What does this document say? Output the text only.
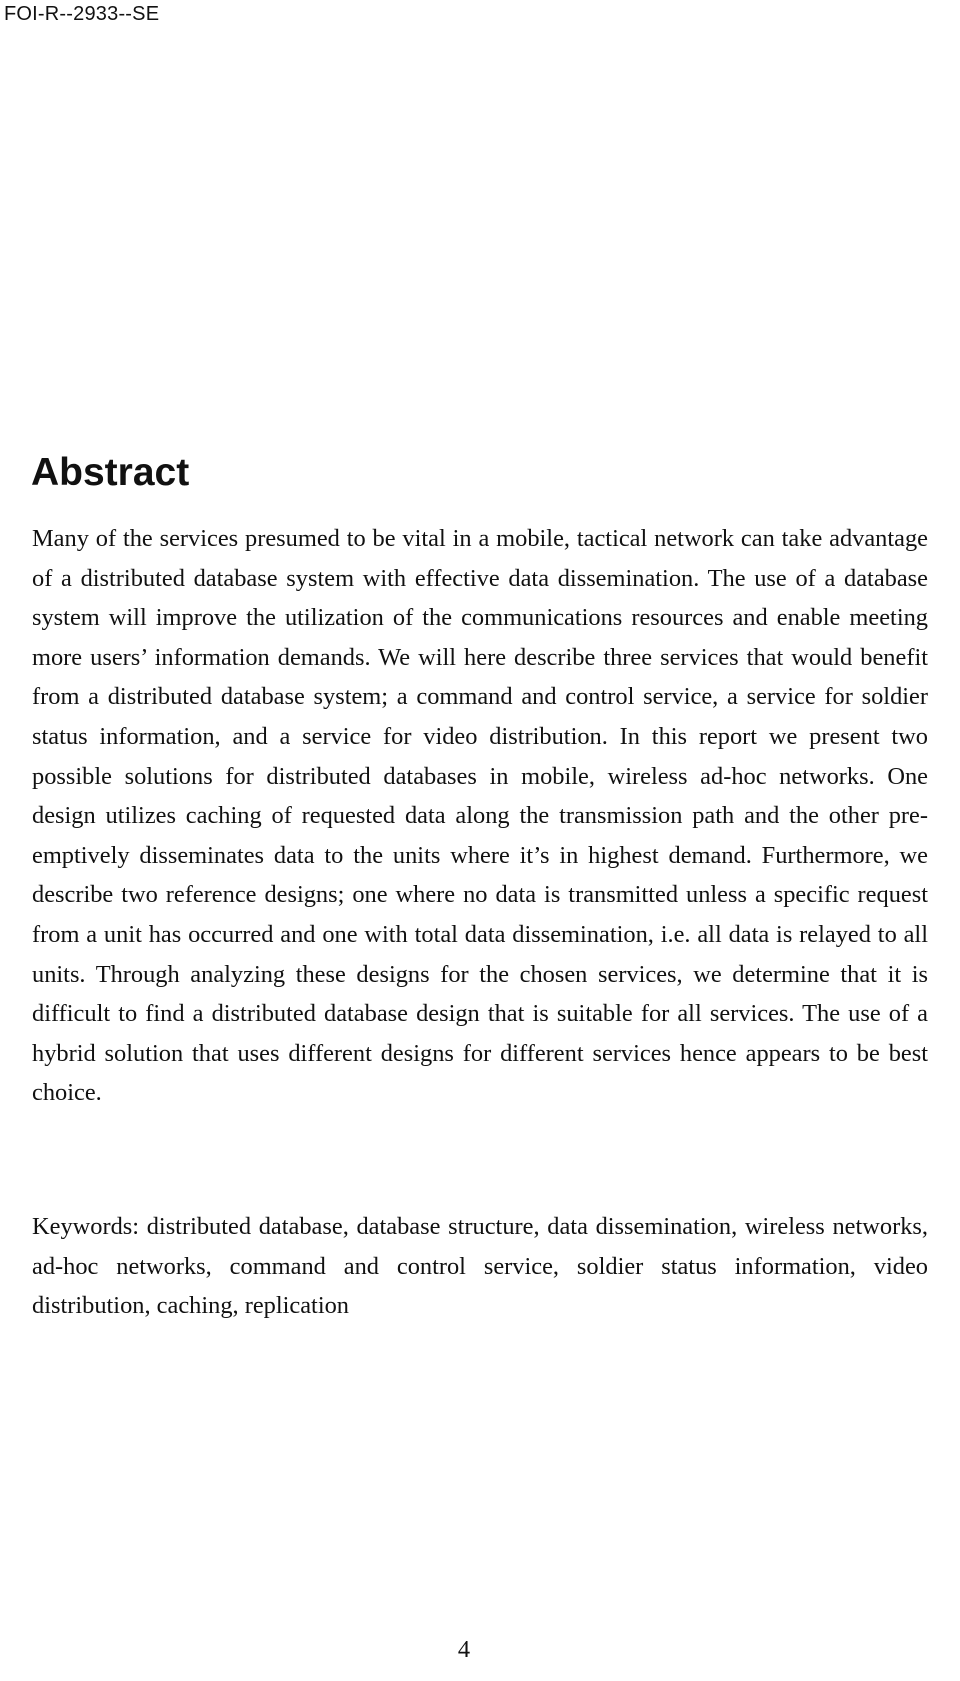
FOI-R--2933--SE
Abstract

Many of the services presumed to be vital in a mobile, tactical network can take advantage of a distributed database system with effective data dissemination. The use of a database system will improve the utilization of the communications resources and enable meeting more users’ information demands. We will here describe three services that would benefit from a distributed database system; a command and control service, a service for soldier status information, and a service for video distribution. In this report we present two possible solutions for distributed databases in mobile, wireless ad-hoc networks. One design utilizes caching of requested data along the transmission path and the other pre-emptively disseminates data to the units where it’s in highest demand. Furthermore, we describe two reference designs; one where no data is transmitted unless a specific request from a unit has occurred and one with total data dissemination, i.e. all data is relayed to all units. Through analyzing these designs for the chosen services, we determine that it is difficult to find a distributed database design that is suitable for all services. The use of a hybrid solution that uses different designs for different services hence appears to be best choice.

Keywords: distributed database, database structure, data dissemination, wireless networks, ad-hoc networks, command and control service, soldier status information, video distribution, caching, replication

4
